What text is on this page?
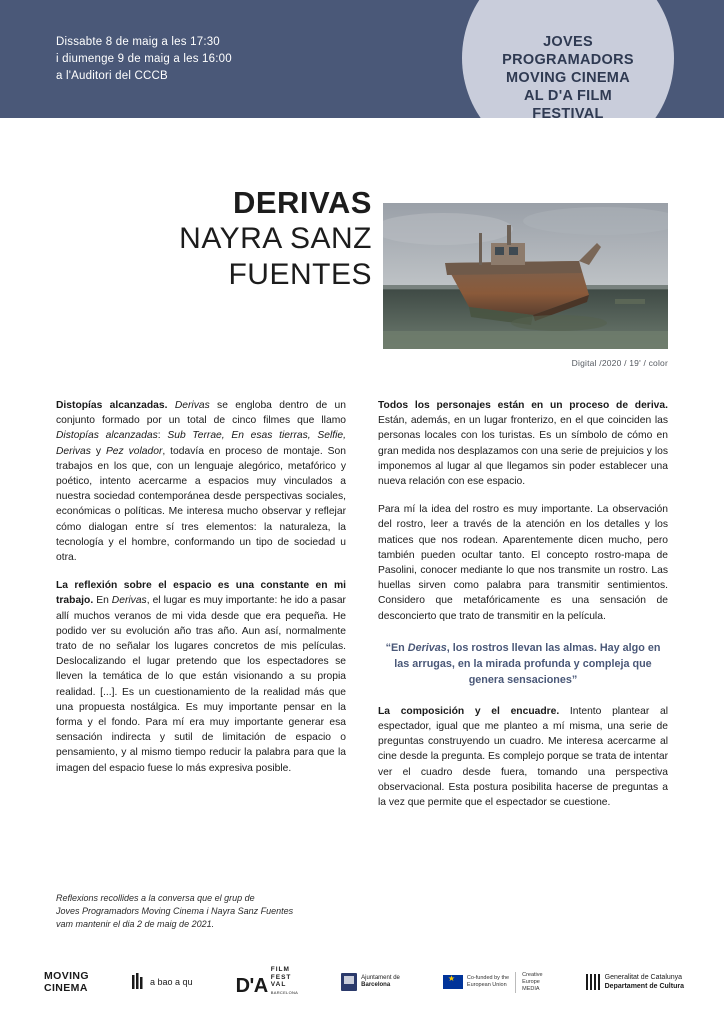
Dissabte 8 de maig a les 17:30
i diumenge 9 de maig a les 16:00
a l'Auditori del CCCB
JOVES
PROGRAMADORS
MOVING CINEMA
AL D'A FILM
FESTIVAL
DERIVAS
NAYRA SANZ
FUENTES
Digital /2020 / 19' / color

Distopías alcanzadas. Derivas se engloba dentro de un conjunto formado por un total de cinco filmes que llamo Distopías alcanzadas: Sub Terrae, En esas tierras, Selfie, Derivas y Pez volador, todavía en proceso de montaje. Son trabajos en los que, con un lenguaje alegórico, metafórico y poético, intento acercarme a espacios muy vinculados a nuestra sociedad contemporánea desde perspectivas sociales, económicas o políticas. Me interesa mucho observar y reflejar cómo dialogan entre sí tres elementos: la naturaleza, la tecnología y el hombre, conformando un tipo de sociedad u otra.

La reflexión sobre el espacio es una constante en mi trabajo. En Derivas, el lugar es muy importante: he ido a pasar allí muchos veranos de mi vida desde que era pequeña. He podido ver su evolución año tras año. Aun así, normalmente trato de no señalar los lugares concretos de mis películas. Deslocalizando el lugar pretendo que los espectadores se lleven la temática de lo que están visionando a su propia realidad. [...]. Es un cuestionamiento de la realidad más que una propuesta nostálgica. Es muy importante pensar en la forma y el fondo. Para mí era muy importante generar esa sensación indirecta y sutil de limitación de espacio o pensamiento, y al mismo tiempo reducir la palabra para que la imagen del espacio fuese lo más expresiva posible.

Todos los personajes están en un proceso de deriva. Están, además, en un lugar fronterizo, en el que coinciden las personas locales con los turistas. Es un símbolo de cómo en gran medida nos desplazamos con una serie de prejuicios y los imponemos al lugar al que llegamos sin poder establecer una nueva relación con ese espacio.

Para mí la idea del rostro es muy importante. La observación del rostro, leer a través de la atención en los detalles y los matices que nos rodean. Aparentemente dicen mucho, pero también pueden ocultar tanto. El concepto rostro-mapa de Pasolini, conocer mediante lo que nos transmite un rostro. Las huellas sirven como palabra para transmitir sentimientos. Considero que metafóricamente es una sensación de desconcierto que trato de transmitir en la película.

“En Derivas, los rostros llevan las almas. Hay algo en las arrugas, en la mirada profunda y compleja que genera sensaciones”

La composición y el encuadre. Intento plantear al espectador, igual que me planteo a mí misma, una serie de preguntas construyendo un cuadro. Me interesa acercarme al cine desde la pregunta. Es complejo porque se trata de intentar ver el cuadro desde fuera, tomando una perspectiva observacional. Esta postura posibilita hacerse de preguntas a la vez que permite que el espectador se cuestione.

Reflexions recollides a la conversa que el grup de
Joves Programadors Moving Cinema i Nayra Sanz Fuentes
vam mantenir el dia 2 de maig de 2021.
MOVING
CINEMA	a bao a qu D'A
FILM
FEST
VAL
BARCELONA
Ajuntament de
Barcelona
★
Co-funded by the
European Union
Creative
Europe
MEDIA
Generalitat de Catalunya
Departament de Cultura
